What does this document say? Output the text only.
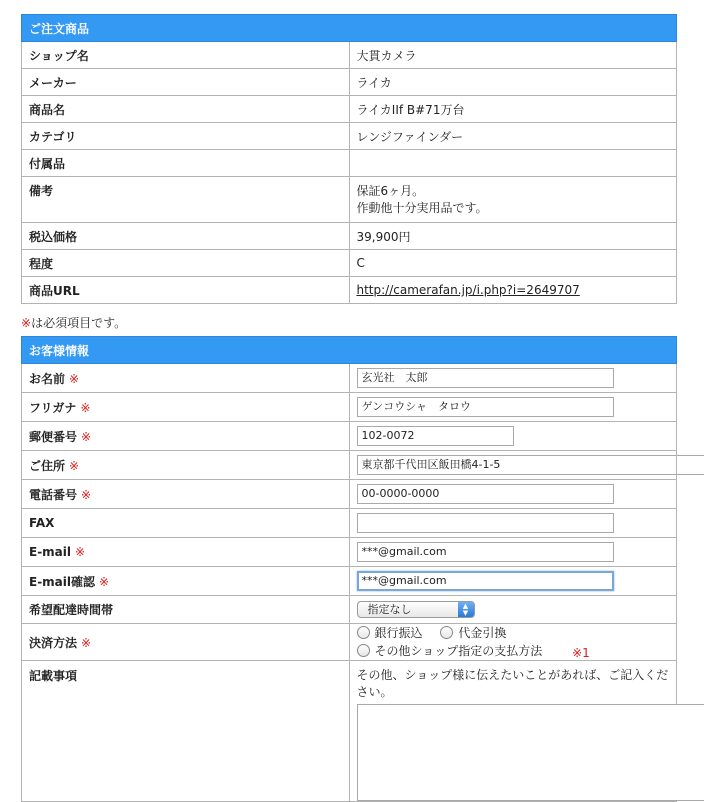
ご注文商品	
ショップ名	大貫カメラ
メーカー	ライカ
商品名	ライカIIf B#71万台
カテゴリ	レンジファインダー
付属品	
備考	保証6ヶ月。
作動他十分実用品です。

税込価格	39,900円
程度	C
商品URL	http://camerafan.jp/i.php?i=2649707
※は必須項目です。
お客様情報	
お名前 ※	玄光社　太郎

フリガナ ※	ゲンコウシャ　タロウ

郵便番号 ※	102-0072

ご住所 ※	東京都千代田区飯田橋4-1-5

電話番号 ※	00-0000-0000

FAX	

E-mail ※	***@gmail.com

E-mail確認 ※	***@gmail.com

希望配達時間帯	指定なし ▲
▼

決済方法 ※	銀行振込
代金引換

その他ショップ指定の支払方法 ※1
記載事項	その他、ショップ様に伝えたいことがあれば、ご記入ください。
